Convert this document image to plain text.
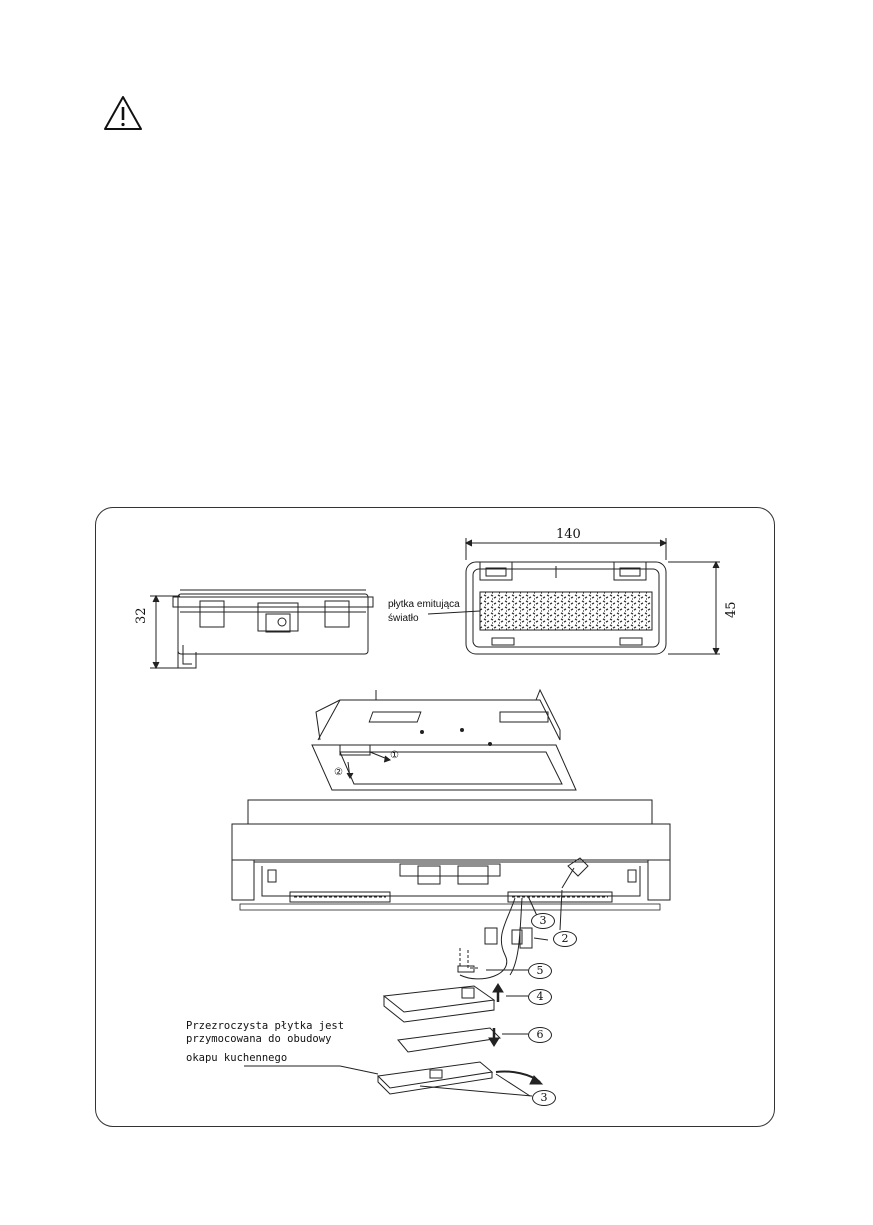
32
140
45
płytka emitująca
światło
①
②
3
2
5
4
6
3
Przezroczysta płytka jest
przymocowana do obudowy
okapu kuchennego
